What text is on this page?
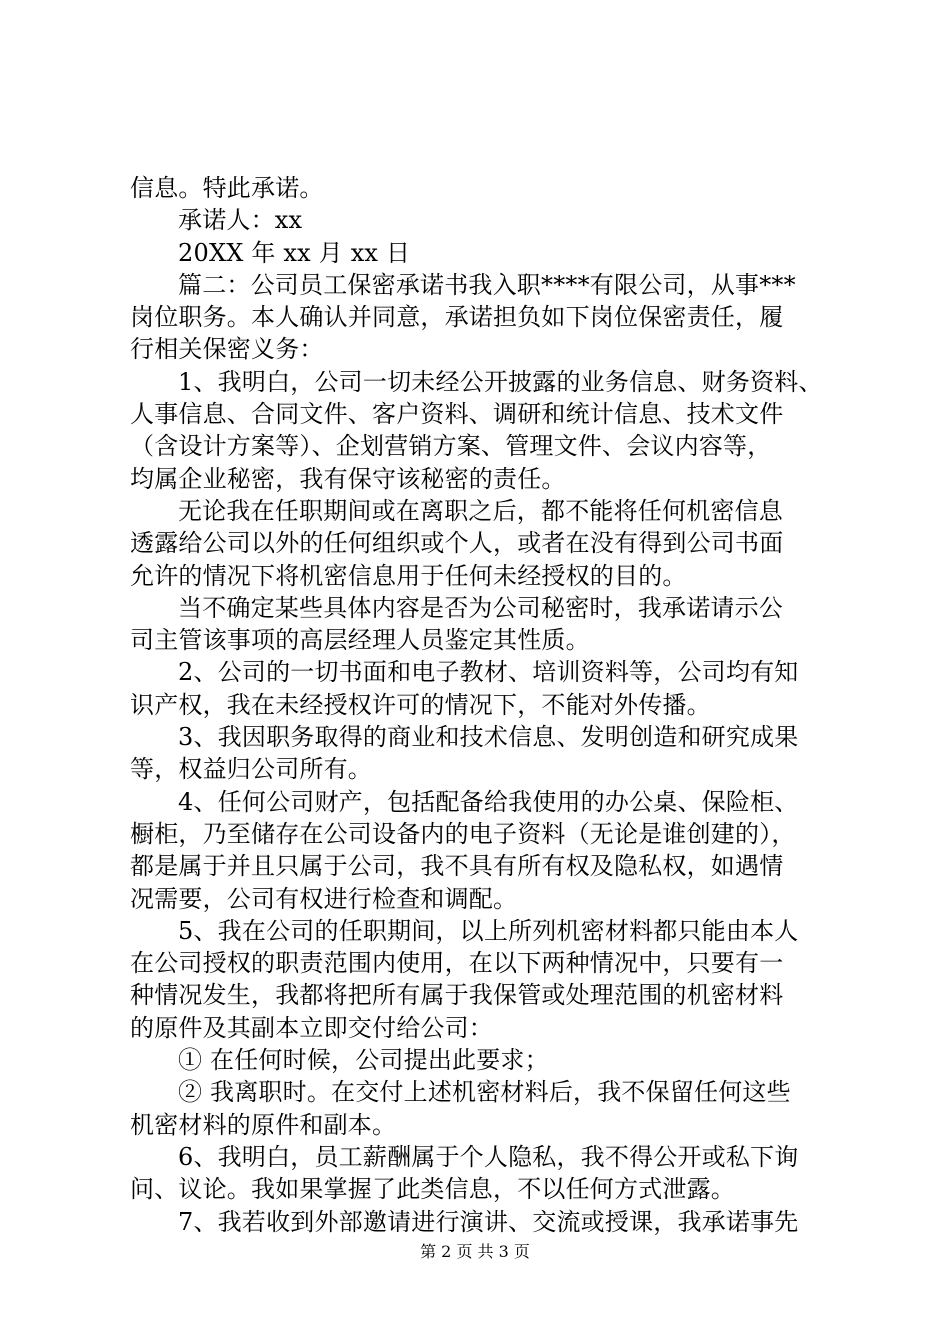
信息。特此承诺。
承诺人：xx
20XX 年 xx 月 xx 日
篇二：公司员工保密承诺书我入职****有限公司，从事***
岗位职务。本人确认并同意，承诺担负如下岗位保密责任，履
行相关保密义务：
1、我明白，公司一切未经公开披露的业务信息、财务资料、
人事信息、合同文件、客户资料、调研和统计信息、技术文件
（含设计方案等）、企划营销方案、管理文件、会议内容等，
均属企业秘密，我有保守该秘密的责任。
无论我在任职期间或在离职之后，都不能将任何机密信息
透露给公司以外的任何组织或个人，或者在没有得到公司书面
允许的情况下将机密信息用于任何未经授权的目的。
当不确定某些具体内容是否为公司秘密时，我承诺请示公
司主管该事项的高层经理人员鉴定其性质。
2、公司的一切书面和电子教材、培训资料等，公司均有知
识产权，我在未经授权许可的情况下，不能对外传播。
3、我因职务取得的商业和技术信息、发明创造和研究成果
等，权益归公司所有。
4、任何公司财产，包括配备给我使用的办公桌、保险柜、
橱柜，乃至储存在公司设备内的电子资料（无论是谁创建的），
都是属于并且只属于公司，我不具有所有权及隐私权，如遇情
况需要，公司有权进行检查和调配。
5、我在公司的任职期间，以上所列机密材料都只能由本人
在公司授权的职责范围内使用，在以下两种情况中，只要有一
种情况发生，我都将把所有属于我保管或处理范围的机密材料
的原件及其副本立即交付给公司：
① 在任何时候，公司提出此要求；
② 我离职时。在交付上述机密材料后，我不保留任何这些
机密材料的原件和副本。
6、我明白，员工薪酬属于个人隐私，我不得公开或私下询
问、议论。我如果掌握了此类信息，不以任何方式泄露。
7、我若收到外部邀请进行演讲、交流或授课，我承诺事先
第 2 页 共 3 页
